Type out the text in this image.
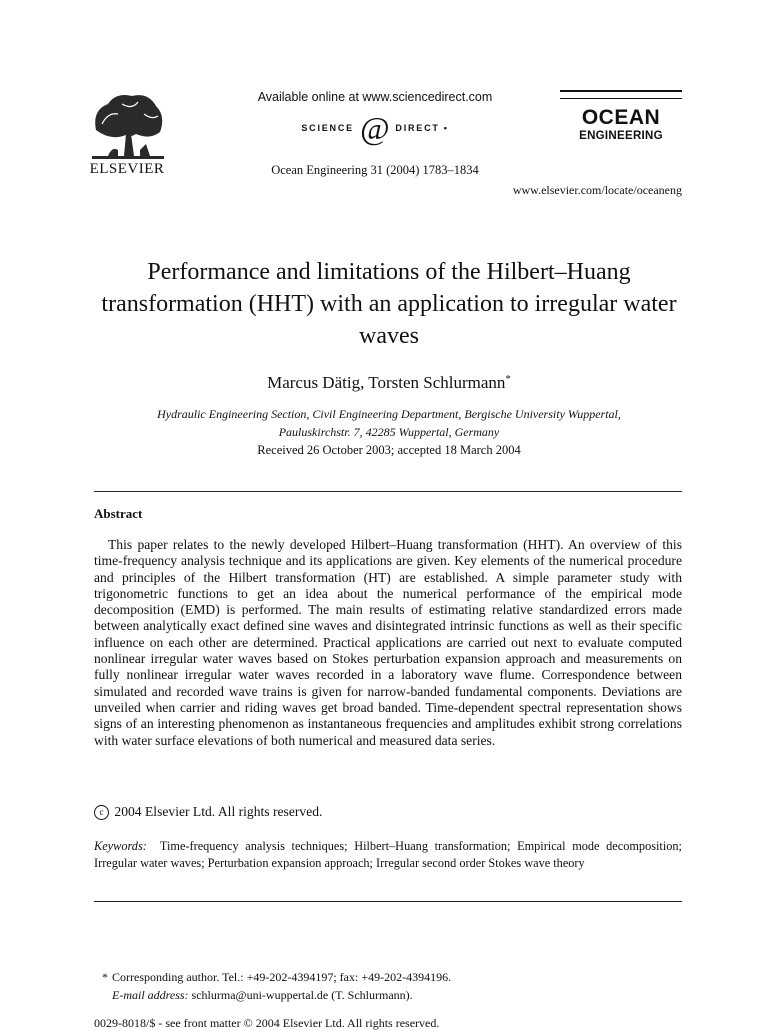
ELSEVIER
Available online at www.sciencedirect.com
SCIENCE @ DIRECT •
Ocean Engineering 31 (2004) 1783–1834
OCEAN
ENGINEERING
www.elsevier.com/locate/oceaneng
Performance and limitations of the Hilbert–Huang transformation (HHT) with an application to irregular water waves
Marcus Dätig, Torsten Schlurmann*
Hydraulic Engineering Section, Civil Engineering Department, Bergische University Wuppertal,
Pauluskirchstr. 7, 42285 Wuppertal, Germany
Received 26 October 2003; accepted 18 March 2004
Abstract

This paper relates to the newly developed Hilbert–Huang transformation (HHT). An overview of this time-frequency analysis technique and its applications are given. Key elements of the numerical procedure and principles of the Hilbert transformation (HT) are established. A simple parameter study with trigonometric functions to get an idea about the numerical performance of the empirical mode decomposition (EMD) is performed. The main results of estimating relative standardized errors made between analytically exact defined sine waves and disintegrated intrinsic functions as well as their specific influence on each other are determined. Practical applications are carried out next to evaluate computed nonlinear irregular water waves based on Stokes perturbation expansion approach and measurements on fully nonlinear irregular water waves recorded in a laboratory wave flume. Correspondence between simulated and recorded wave trains is given for narrow-banded fundamental components. Deviations are unveiled when carrier and riding waves get broad banded. Time-dependent spectral representation shows signs of an interesting phenomenon as instantaneous frequencies and amplitudes exhibit strong correlations with water surface elevations of both numerical and measured data series.

c 2004 Elsevier Ltd. All rights reserved.

Keywords: Time-frequency analysis techniques; Hilbert–Huang transformation; Empirical mode decomposition; Irregular water waves; Perturbation expansion approach; Irregular second order Stokes wave theory

* Corresponding author. Tel.: +49-202-4394197; fax: +49-202-4394196.
E-mail address: schlurma@uni-wuppertal.de (T. Schlurmann).
0029-8018/$ - see front matter © 2004 Elsevier Ltd. All rights reserved.
